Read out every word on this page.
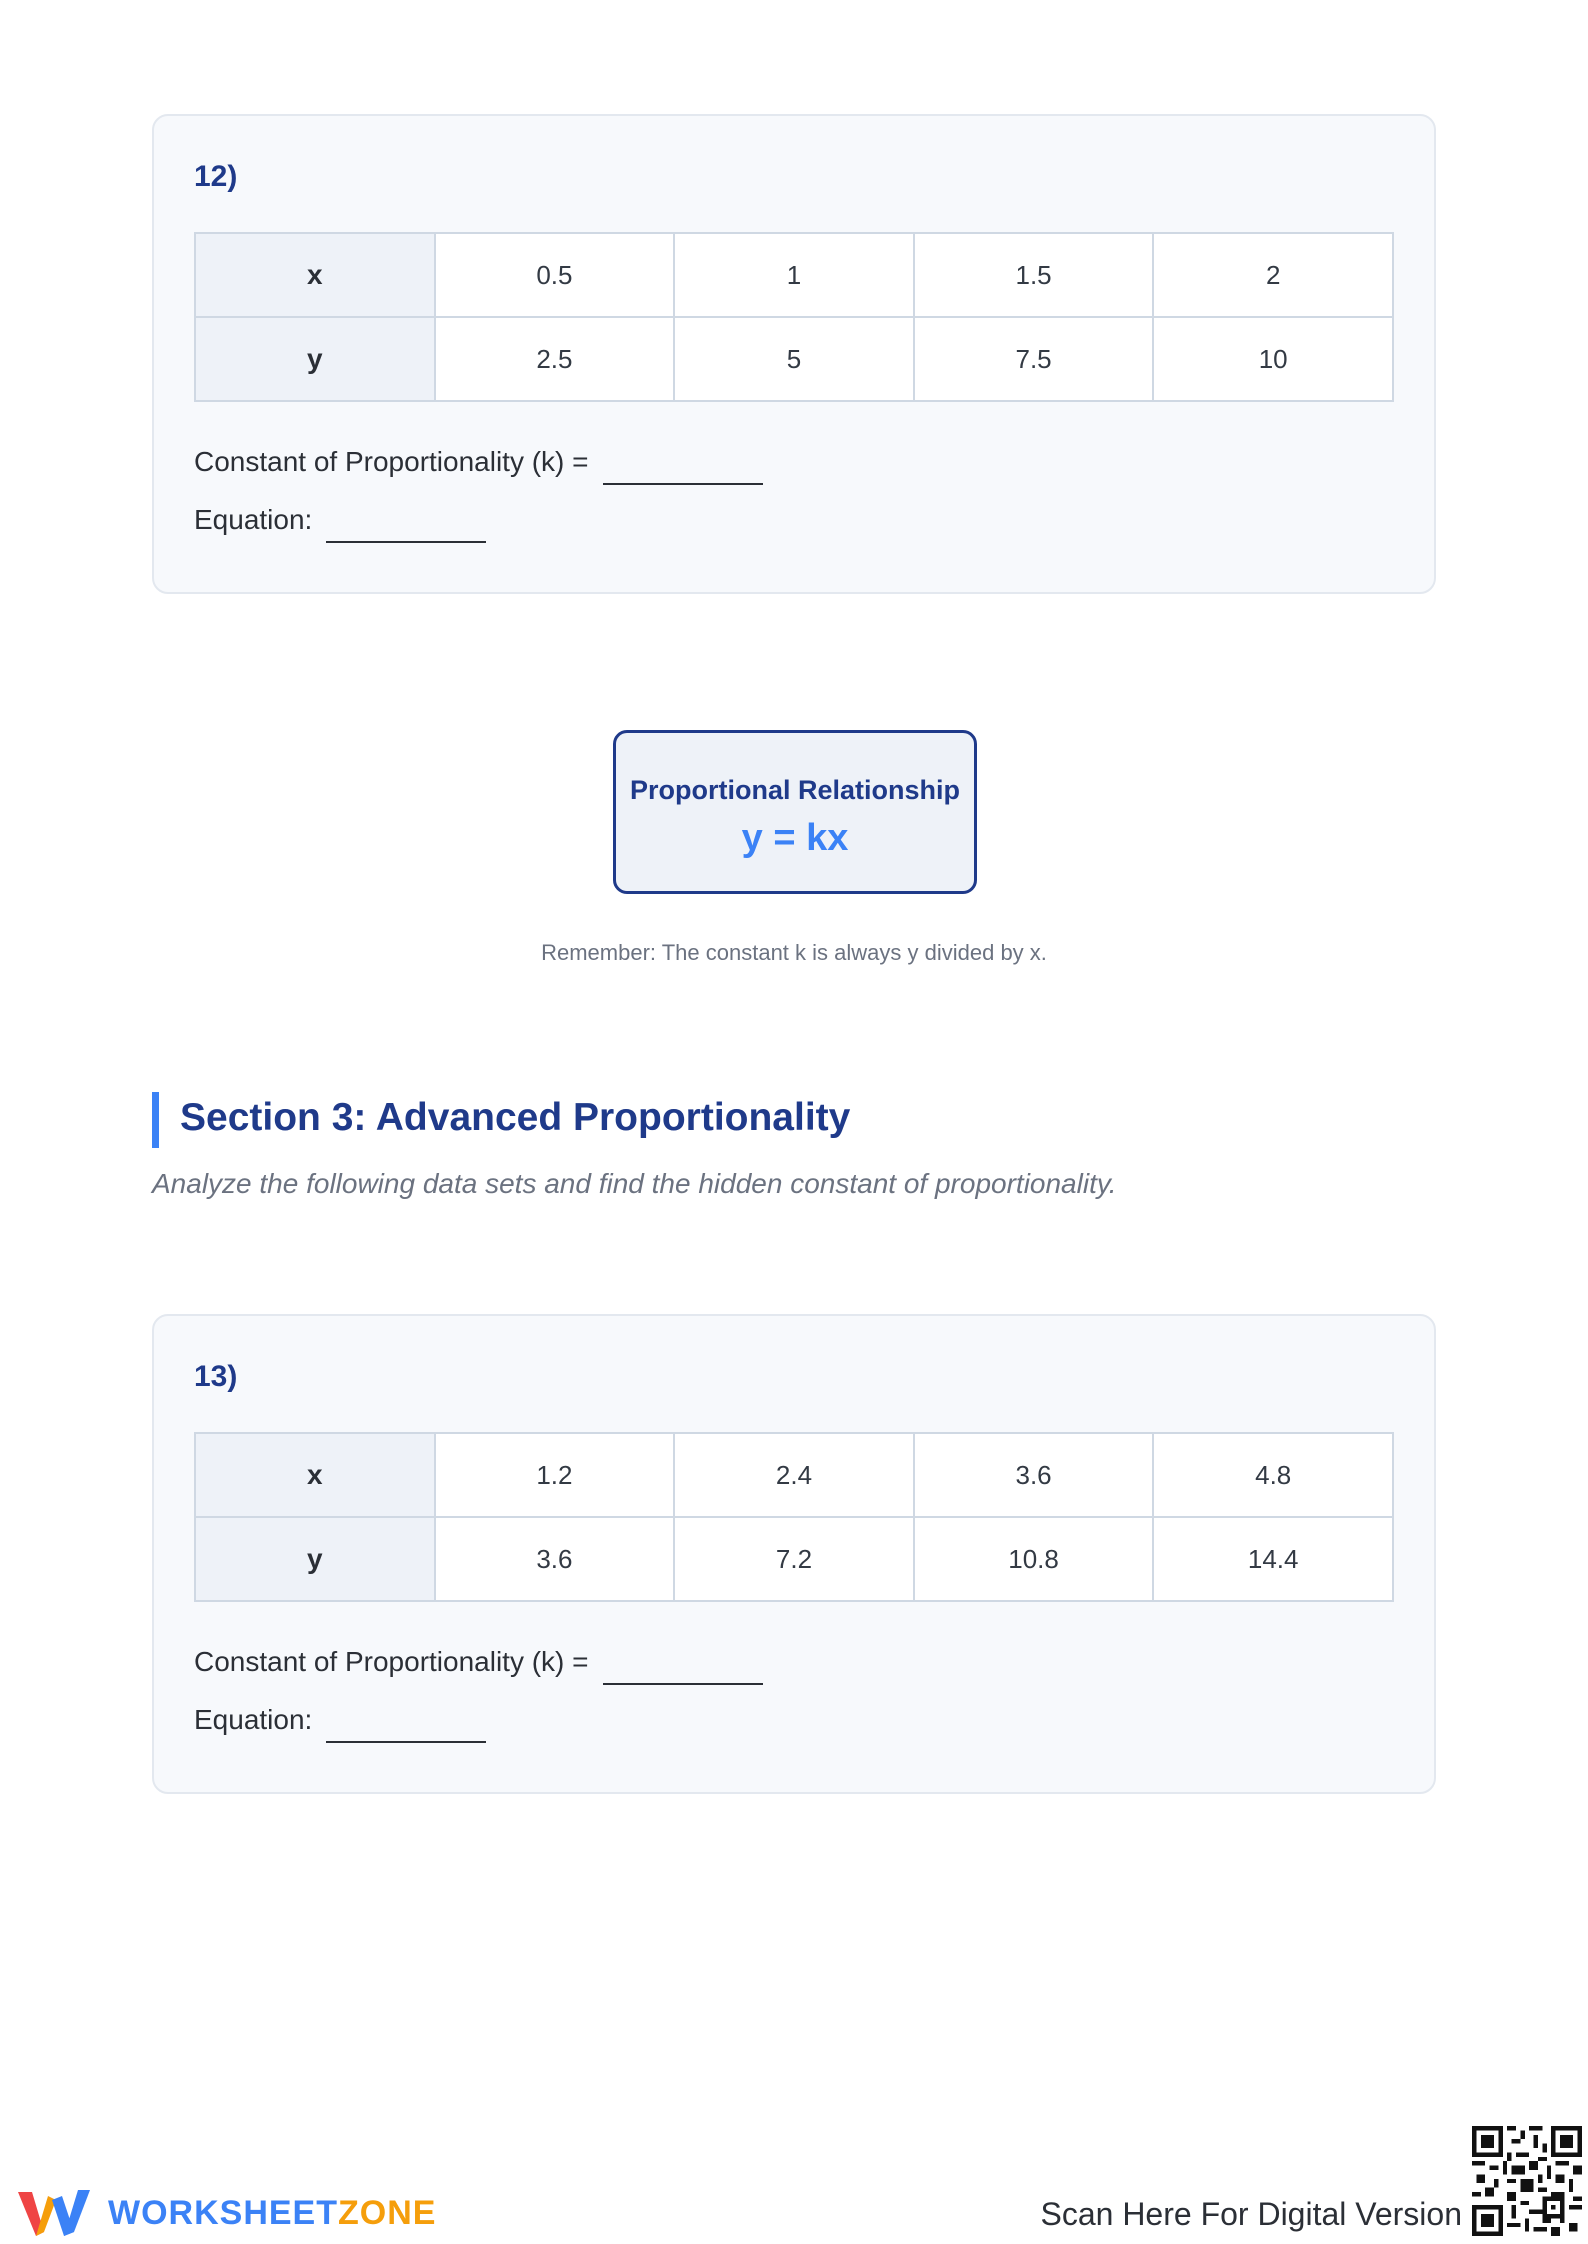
12)
x	0.5	1	1.5	2
y	2.5	5	7.5	10
Constant of Proportionality (k) =
Equation:
Proportional Relationship
y = kx
Remember: The constant k is always y divided by x.
Section 3: Advanced Proportionality
Analyze the following data sets and find the hidden constant of proportionality.
13)
x	1.2	2.4	3.6	4.8
y	3.6	7.2	10.8	14.4
Constant of Proportionality (k) =
Equation:
WORKSHEETZONE	Scan Here For Digital Version
